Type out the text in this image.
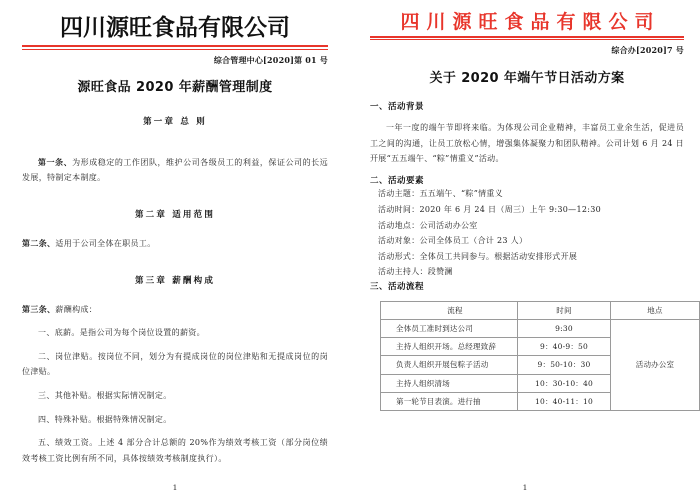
四川源旺食品有限公司
综合管理中心[2020]第 01 号
源旺食品 2020 年薪酬管理制度
第一章 总 则

第一条、为形成稳定的工作团队，维护公司各级员工的利益，保证公司的长远发展，特制定本制度。

第二章 适用范围

第二条、适用于公司全体在职员工。

第三章 薪酬构成

第三条、薪酬构成：

一、底薪。是指公司为每个岗位设置的薪资。

二、岗位津贴。按岗位不同，划分为有提成岗位的岗位津贴和无提成岗位的岗位津贴。

三、其他补贴。根据实际情况制定。

四、特殊补贴。根据特殊情况制定。

五、绩效工资。上述 4 部分合计总额的 20%作为绩效考核工资（部分岗位绩效考核工资比例有所不同，具体按绩效考核制度执行）。

1
四川源旺食品有限公司
综合办[2020]7 号
关于 2020 年端午节日活动方案
一、活动背景

一年一度的端午节即将来临。为体现公司企业精神，丰富员工业余生活，促进员工之间的沟通，让员工放松心情，增强集体凝聚力和团队精神。公司计划 6 月 24 日开展“五五端午、“粽”情重义”活动。

二、活动要素
活动主题：五五端午、“粽”情重义
活动时间：2020 年 6 月 24 日（周三）上午 9:30—12:30
活动地点：公司活动办公室
活动对象：公司全体员工（合计 23 人）
活动形式：全体员工共同参与。根据活动安排形式开展
活动主持人：段赞澜
三、活动流程
流程	时间	地点
全体员工准时到达公司	9:30	活动办公室
主持人组织开场。总经理致辞	9：40-9：50	
负责人组织开展包粽子活动	9：50-10：30	
主持人组织清场	10：30-10：40	
第一轮节目表演。进行抽	10：40-11：10	
1
